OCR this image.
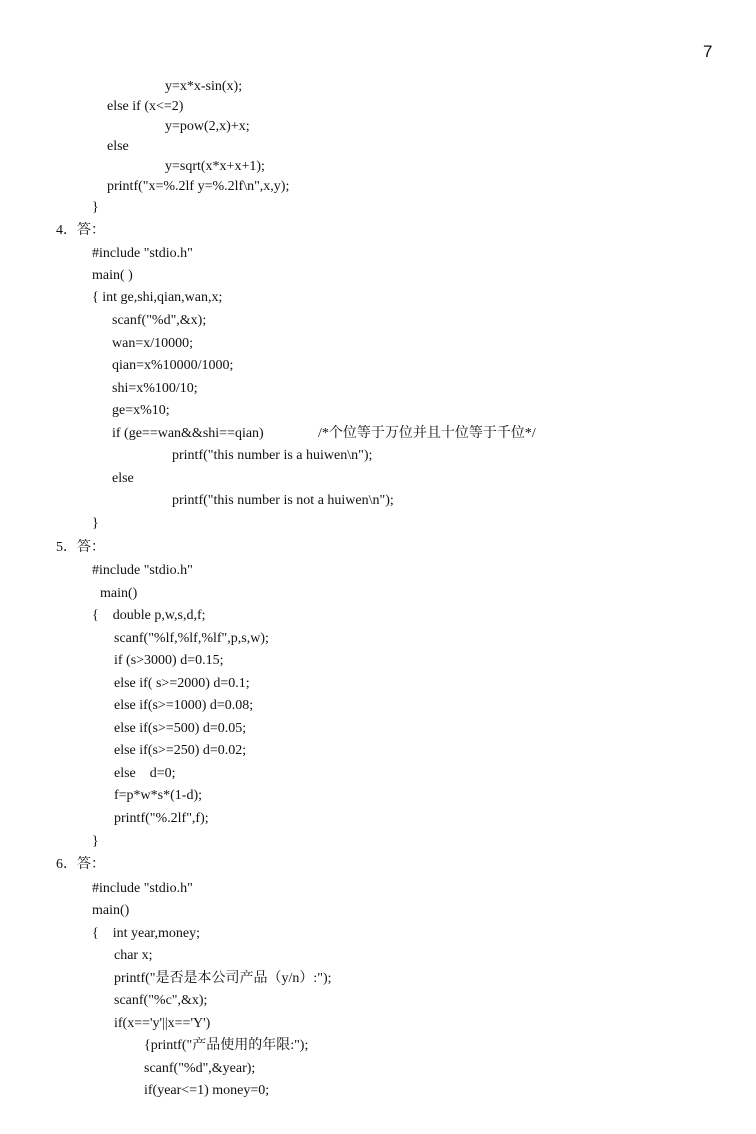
7
y=x*x-sin(x);
else if (x<=2)
y=pow(2,x)+x;
else
y=sqrt(x*x+x+1);
printf("x=%.2lf y=%.2lf\n",x,y);
}
4．答：
#include "stdio.h"
main( )
{ int ge,shi,qian,wan,x;
scanf("%d",&x);
wan=x/10000;
qian=x%10000/1000;
shi=x%100/10;
ge=x%10;
if (ge==wan&&shi==qian)	/*个位等于万位并且十位等于千位*/
printf("this number is a huiwen\n");
else
printf("this number is not a huiwen\n");
}
5．答：
#include "stdio.h"
main()
{    double p,w,s,d,f;
scanf("%lf,%lf,%lf",p,s,w);
if (s>3000) d=0.15;
else if( s>=2000) d=0.1;
else if(s>=1000) d=0.08;
else if(s>=500) d=0.05;
else if(s>=250) d=0.02;
else    d=0;
f=p*w*s*(1-d);
printf("%.2lf",f);
}
6．答：
#include "stdio.h"
main()
{    int year,money;
char x;
printf("是否是本公司产品（y/n）:");
scanf("%c",&x);
if(x=='y'||x=='Y')
{printf("产品使用的年限:");
scanf("%d",&year);
if(year<=1) money=0;
